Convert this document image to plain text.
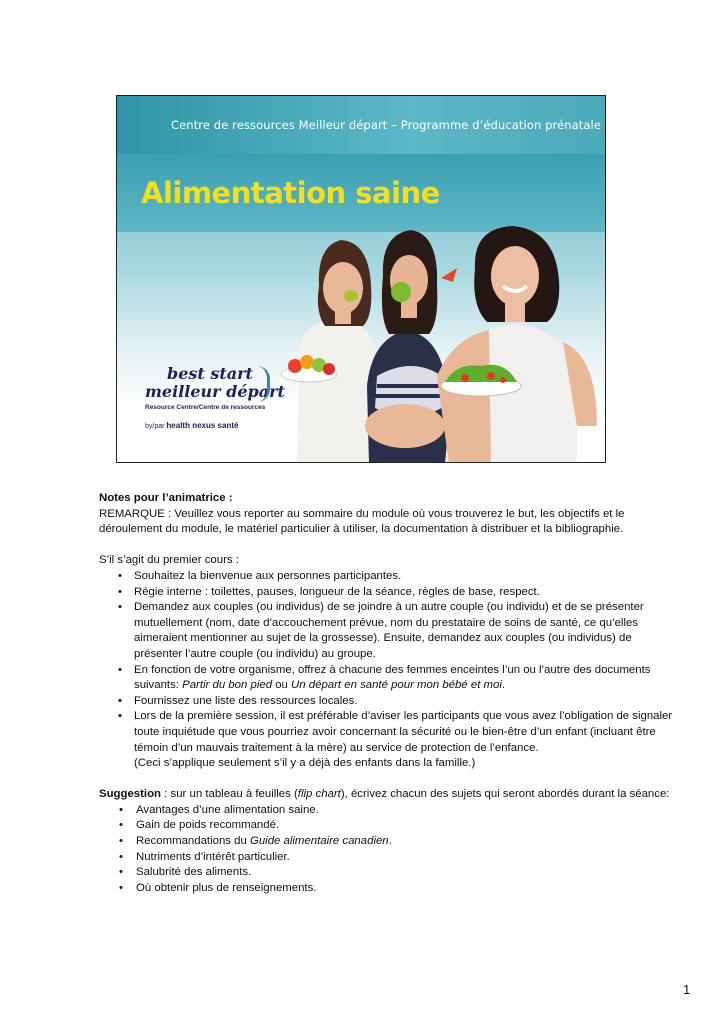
Centre de ressources Meilleur départ – Programme d’éducation prénatale
Alimentation saine
best start
meilleur départ
Resource Centre/Centre de ressources
by/par health nexus santé

Notes pour l’animatrice :

REMARQUE : Veuillez vous reporter au sommaire du module où vous trouverez le but, les objectifs et le déroulement du module, le matériel particulier à utiliser, la documentation à distribuer et la bibliographie.

S’il s’agit du premier cours :

• Souhaitez la bienvenue aux personnes participantes.
• Régie interne : toilettes, pauses, longueur de la séance, règles de base, respect.
• Demandez aux couples (ou individus) de se joindre à un autre couple (ou individu) et de se présenter mutuellement (nom, date d’accouchement prévue, nom du prestataire de soins de santé, ce qu’elles aimeraient mentionner au sujet de la grossesse). Ensuite, demandez aux couples (ou individus) de présenter l’autre couple (ou individu) au groupe.
• En fonction de votre organisme, offrez à chacune des femmes enceintes l’un ou l’autre des documents suivants: Partir du bon pied ou Un départ en santé pour mon bébé et moi.
• Fournissez une liste des ressources locales.
• Lors de la première session, il est préférable d’aviser les participants que vous avez l’obligation de signaler toute inquiétude que vous pourriez avoir concernant la sécurité ou le bien-être d’un enfant (incluant être témoin d’un mauvais traitement à la mère) au service de protection de l’enfance.
(Ceci s’applique seulement s’il y a déjà des enfants dans la famille.)

Suggestion : sur un tableau à feuilles (flip chart), écrivez chacun des sujets qui seront abordés durant la séance:

• Avantages d’une alimentation saine.
• Gain de poids recommandé.
• Recommandations du Guide alimentaire canadien.
• Nutriments d’intérêt particulier.
• Salubrité des aliments.
• Où obtenir plus de renseignements.
1
